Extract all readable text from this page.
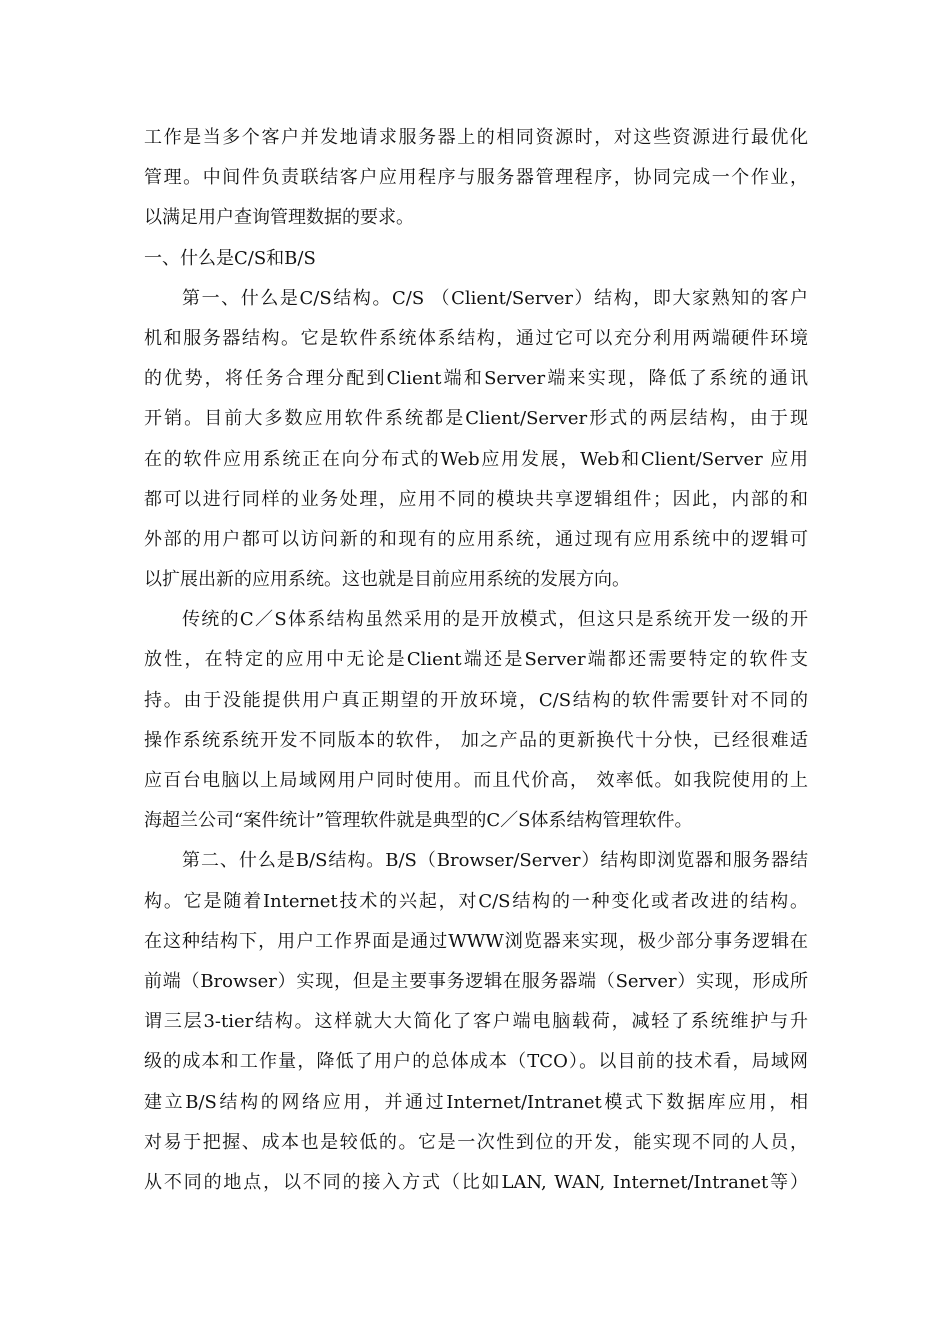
工作是当多个客户并发地请求服务器上的相同资源时，对这些资源进行最优化
管理。中间件负责联结客户应用程序与服务器管理程序，协同完成一个作业，
以满足用户查询管理数据的要求。
一、什么是C/S和B/S
第一、什么是C/S结构。C/S （Client/Server）结构，即大家熟知的客户
机和服务器结构。它是软件系统体系结构，通过它可以充分利用两端硬件环境
的优势，将任务合理分配到Client端和Server端来实现，降低了系统的通讯
开销。目前大多数应用软件系统都是Client/Server形式的两层结构，由于现
在的软件应用系统正在向分布式的Web应用发展，Web和Client/Server 应用
都可以进行同样的业务处理，应用不同的模块共享逻辑组件；因此，内部的和
外部的用户都可以访问新的和现有的应用系统，通过现有应用系统中的逻辑可
以扩展出新的应用系统。这也就是目前应用系统的发展方向。
传统的C／S体系结构虽然采用的是开放模式，但这只是系统开发一级的开
放性，在特定的应用中无论是Client端还是Server端都还需要特定的软件支
持。由于没能提供用户真正期望的开放环境，C/S结构的软件需要针对不同的
操作系统系统开发不同版本的软件， 加之产品的更新换代十分快，已经很难适
应百台电脑以上局域网用户同时使用。而且代价高， 效率低。如我院使用的上
海超兰公司“案件统计”管理软件就是典型的C／S体系结构管理软件。
第二、什么是B/S结构。B/S（Browser/Server）结构即浏览器和服务器结
构。它是随着Internet技术的兴起，对C/S结构的一种变化或者改进的结构。
在这种结构下，用户工作界面是通过WWW浏览器来实现，极少部分事务逻辑在
前端（Browser）实现，但是主要事务逻辑在服务器端（Server）实现，形成所
谓三层3-tier结构。这样就大大简化了客户端电脑载荷，减轻了系统维护与升
级的成本和工作量，降低了用户的总体成本（TCO）。以目前的技术看，局域网
建立B/S结构的网络应用，并通过Internet/Intranet模式下数据库应用，相
对易于把握、成本也是较低的。它是一次性到位的开发，能实现不同的人员，
从不同的地点，以不同的接入方式（比如LAN, WAN, Internet/Intranet等）
